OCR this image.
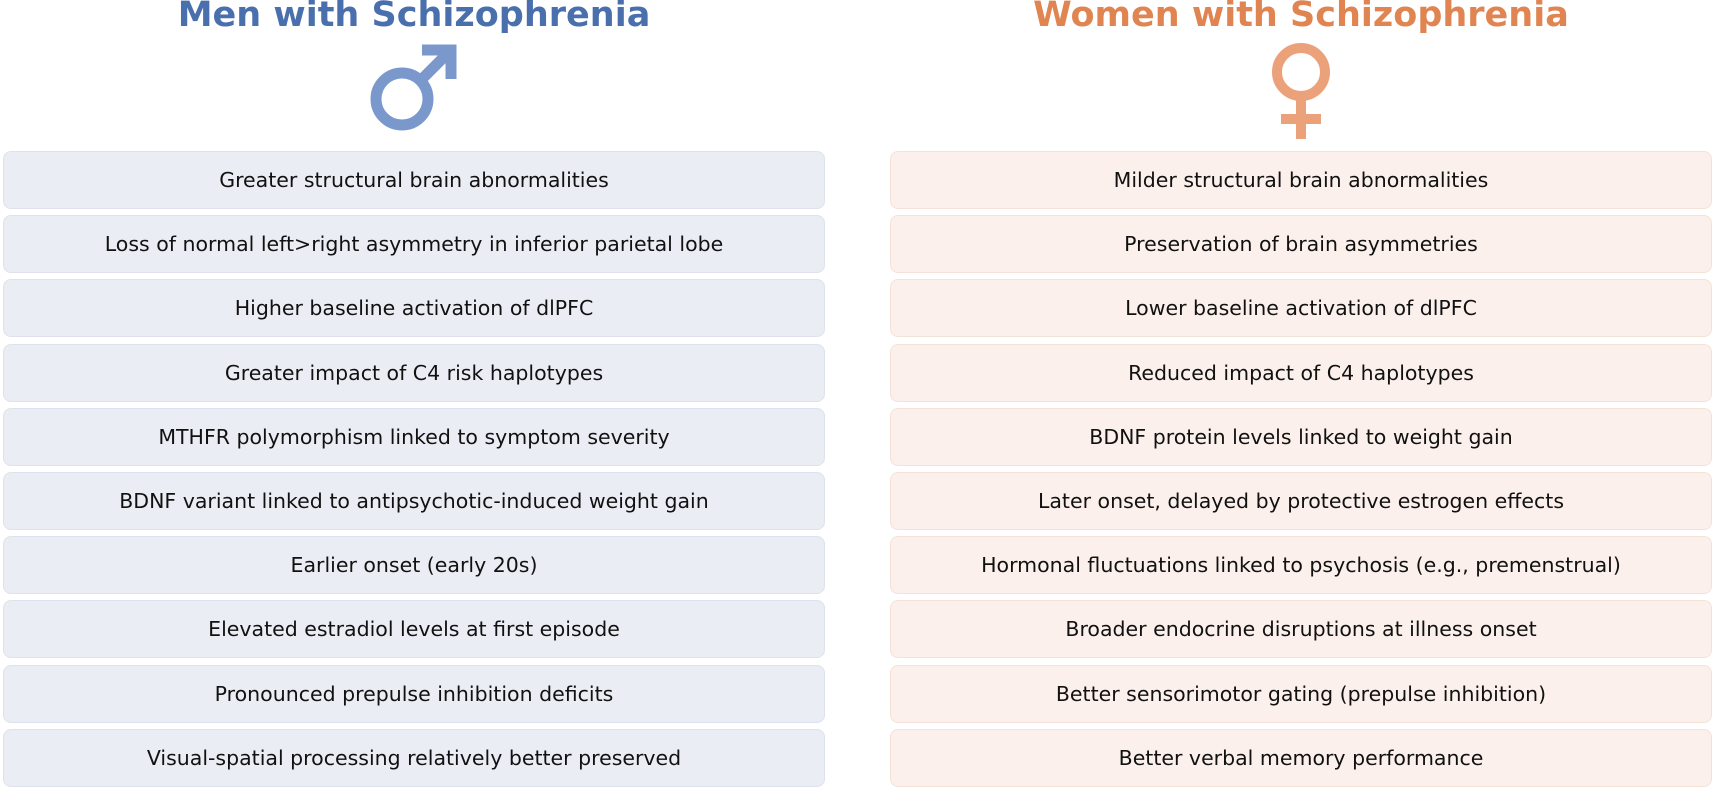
Men with Schizophrenia
Greater structural brain abnormalities
Loss of normal left>right asymmetry in inferior parietal lobe
Higher baseline activation of dlPFC
Greater impact of C4 risk haplotypes
MTHFR polymorphism linked to symptom severity
BDNF variant linked to antipsychotic-induced weight gain
Earlier onset (early 20s)
Elevated estradiol levels at first episode
Pronounced prepulse inhibition deficits
Visual-spatial processing relatively better preserved
Women with Schizophrenia
Milder structural brain abnormalities
Preservation of brain asymmetries
Lower baseline activation of dlPFC
Reduced impact of C4 haplotypes
BDNF protein levels linked to weight gain
Later onset, delayed by protective estrogen effects
Hormonal fluctuations linked to psychosis (e.g., premenstrual)
Broader endocrine disruptions at illness onset
Better sensorimotor gating (prepulse inhibition)
Better verbal memory performance
